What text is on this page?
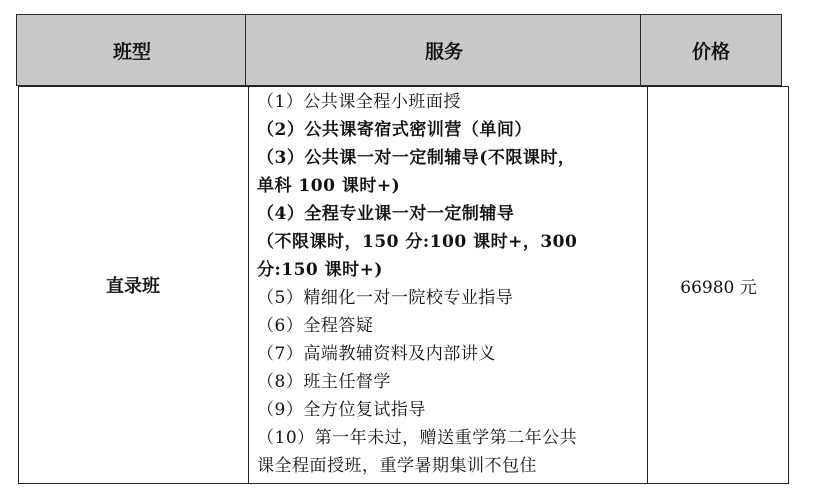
班型	服务	价格
直录班
（1）公共课全程小班面授
（2）公共课寄宿式密训营（单间）
（3）公共课一对一定制辅导(不限课时，
单科 100 课时+)
（4）全程专业课一对一定制辅导
（不限课时，150 分:100 课时+，300
分:150 课时+)
（5）精细化一对一院校专业指导
（6）全程答疑
（7）高端教辅资料及内部讲义
（8）班主任督学
（9）全方位复试指导
（10）第一年未过，赠送重学第二年公共
课全程面授班，重学暑期集训不包住
66980 元
